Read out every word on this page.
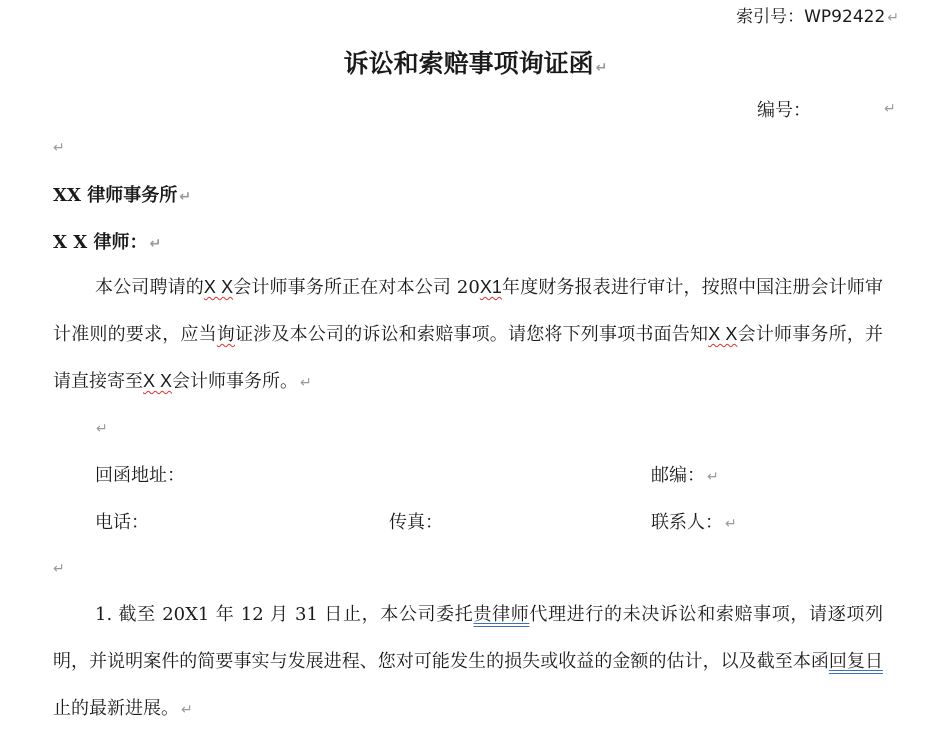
索引号：WP92422 ↵
诉讼和索赔事项询证函 ↵
编号：	↵
↵
XX 律师事务所 ↵
X X 律师： ↵
本公司聘请的X X会计师事务所正在对本公司 20X1年度财务报表进行审计，按照中国注册会计师审计准则的要求，应当询证涉及本公司的诉讼和索赔事项。请您将下列事项书面告知X X会计师事务所，并请直接寄至X X会计师事务所。 ↵
↵
回函地址：	邮编： ↵
电话：	传真：	联系人： ↵
↵
1. 截至 20X1 年 12 月 31 日止，本公司委托贵律师代理进行的未决诉讼和索赔事项，请逐项列明，并说明案件的简要事实与发展进程、您对可能发生的损失或收益的金额的估计，以及截至本函回复日止的最新进展。 ↵
